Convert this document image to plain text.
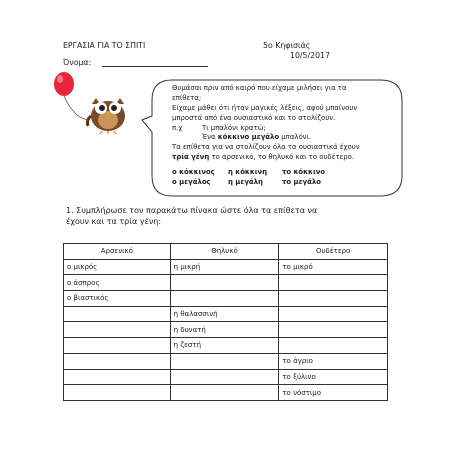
ΕΡΓΑΣΙΑ ΓΙΑ ΤΟ ΣΠΙΤΙ	5ο Κηφισιάς
10/5/2017
Όνομα:
Θυμάσαι πριν από καιρό που είχαμε μιλήσει για τα
επίθετα;
Είχαμε μάθει ότι ήταν μαγικές λέξεις, αφού μπαίνουν
μπροστά από ένα ουσιαστικό και το στολίζουν.
π.χ	Τι μπαλόνι κρατώ;
Ένα κόκκινο μεγάλο μπαλόνι.
Τα επίθετα για να στολίζουν όλα τα ουσιαστικά έχουν
τρία γένη το αρσενικό, το θηλυκό και το ουδέτερο.
ο κόκκινος η κόκκινη το κόκκινο
ο μεγάλος	η μεγάλη	το μεγάλο
1. Συμπλήρωσε τον παρακάτω πίνακα ώστε όλα τα επίθετα να
έχουν και τα τρία γένη:
Αρσενικό	Θηλυκό	Ουδέτερο
ο μικρός	η μικρή	το μικρό
ο άσπρος		
ο βιαστικός		
	η θαλασσινή	
	η δυνατή	
	η ζεστή	
		το άγριο
		το ξύλινο
		το νόστιμο
